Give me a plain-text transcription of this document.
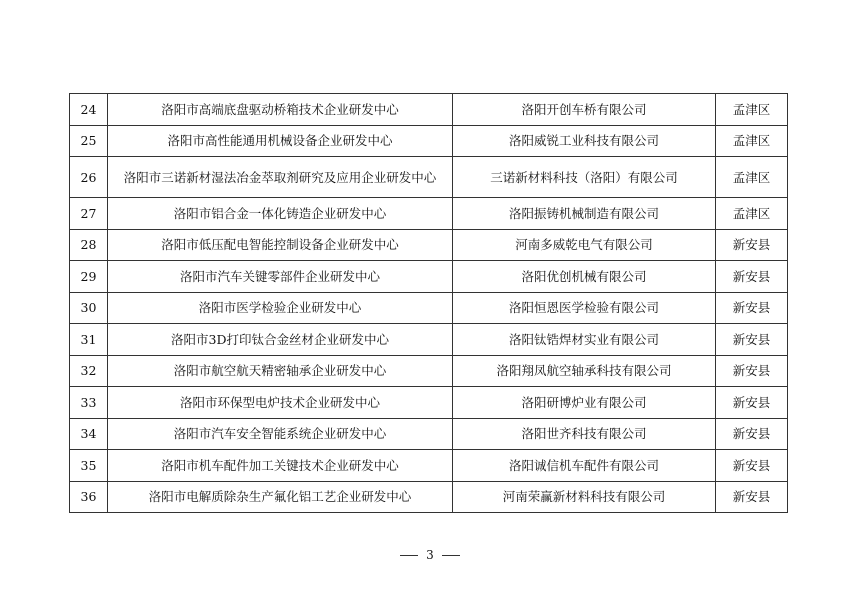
24	洛阳市高端底盘驱动桥箱技术企业研发中心	洛阳开创车桥有限公司	孟津区
25	洛阳市高性能通用机械设备企业研发中心	洛阳威锐工业科技有限公司	孟津区
26	洛阳市三诺新材湿法冶金萃取剂研究及应用企业研发中心	三诺新材料科技（洛阳）有限公司	孟津区
27	洛阳市铝合金一体化铸造企业研发中心	洛阳振铸机械制造有限公司	孟津区
28	洛阳市低压配电智能控制设备企业研发中心	河南多威乾电气有限公司	新安县
29	洛阳市汽车关键零部件企业研发中心	洛阳优创机械有限公司	新安县
30	洛阳市医学检验企业研发中心	洛阳恒恩医学检验有限公司	新安县
31	洛阳市3D打印钛合金丝材企业研发中心	洛阳钛锆焊材实业有限公司	新安县
32	洛阳市航空航天精密轴承企业研发中心	洛阳翔凤航空轴承科技有限公司	新安县
33	洛阳市环保型电炉技术企业研发中心	洛阳研博炉业有限公司	新安县
34	洛阳市汽车安全智能系统企业研发中心	洛阳世齐科技有限公司	新安县
35	洛阳市机车配件加工关键技术企业研发中心	洛阳诚信机车配件有限公司	新安县
36	洛阳市电解质除杂生产氟化铝工艺企业研发中心	河南荣赢新材料科技有限公司	新安县
3
